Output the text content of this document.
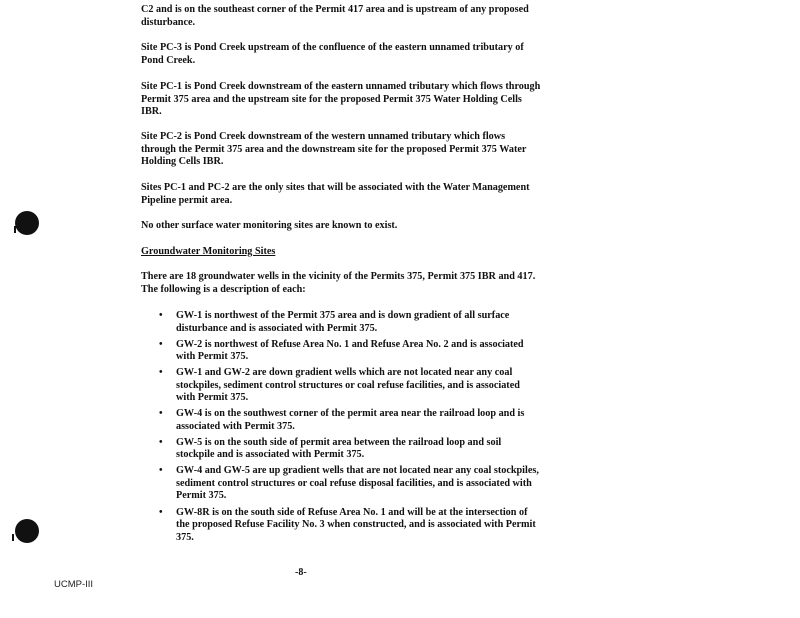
C2 and is on the southeast corner of the Permit 417 area and is upstream of any proposed disturbance.

Site PC-3 is Pond Creek upstream of the confluence of the eastern unnamed tributary of Pond Creek.

Site PC-1 is Pond Creek downstream of the eastern unnamed tributary which flows through Permit 375 area and the upstream site for the proposed Permit 375 Water Holding Cells IBR.

Site PC-2 is Pond Creek downstream of the western unnamed tributary which flows through the Permit 375 area and the downstream site for the proposed Permit 375 Water Holding Cells IBR.

Sites PC-1 and PC-2 are the only sites that will be associated with the Water Management Pipeline permit area.

No other surface water monitoring sites are known to exist.

Groundwater Monitoring Sites

There are 18 groundwater wells in the vicinity of the Permits 375, Permit 375 IBR and 417. The following is a description of each:

• GW-1 is northwest of the Permit 375 area and is down gradient of all surface disturbance and is associated with Permit 375.
• GW-2 is northwest of Refuse Area No. 1 and Refuse Area No. 2 and is associated with Permit 375.
• GW-1 and GW-2 are down gradient wells which are not located near any coal stockpiles, sediment control structures or coal refuse facilities, and is associated with Permit 375.
• GW-4 is on the southwest corner of the permit area near the railroad loop and is associated with Permit 375.
• GW-5 is on the south side of permit area between the railroad loop and soil stockpile and is associated with Permit 375.
• GW-4 and GW-5 are up gradient wells that are not located near any coal stockpiles, sediment control structures or coal refuse disposal facilities, and is associated with Permit 375.
• GW-8R is on the south side of Refuse Area No. 1 and will be at the intersection of the proposed Refuse Facility No. 3 when constructed, and is associated with Permit 375.
-8-
UCMP-III
